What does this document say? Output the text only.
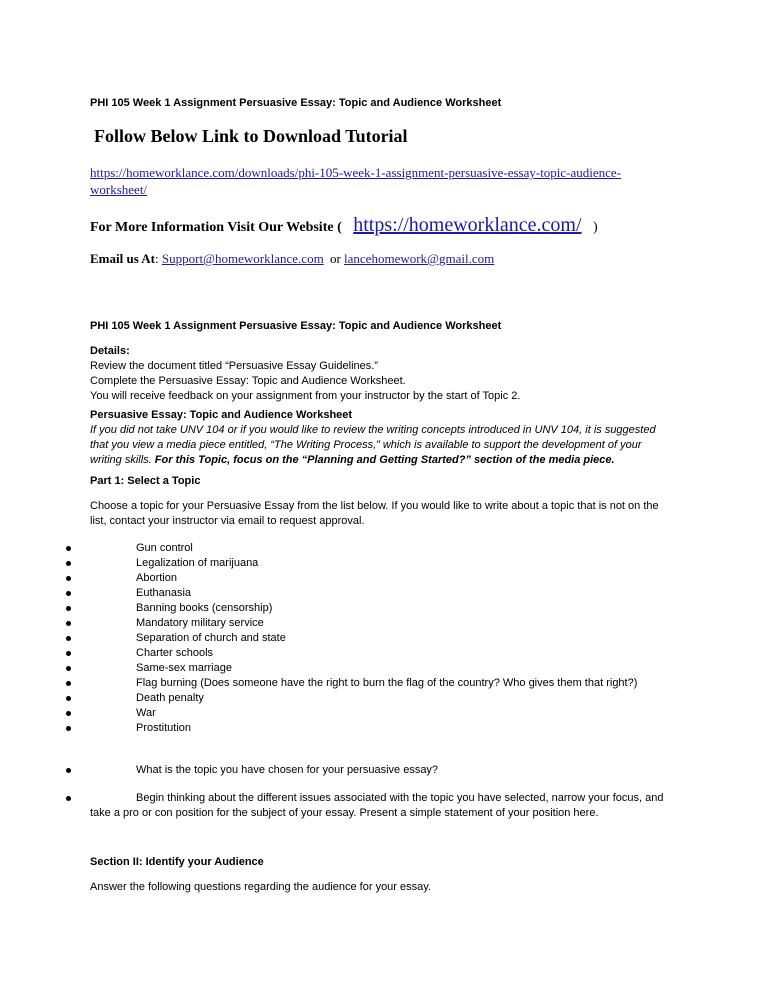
PHI 105 Week 1 Assignment Persuasive Essay: Topic and Audience Worksheet
Follow Below Link to Download Tutorial
https://homeworklance.com/downloads/phi-105-week-1-assignment-persuasive-essay-topic-audience-
worksheet/
For More Information Visit Our Website ( https://homeworklance.com/ )
Email us At: Support@homeworklance.com or lancehomework@gmail.com
PHI 105 Week 1 Assignment Persuasive Essay: Topic and Audience Worksheet
Details:
Review the document titled “Persuasive Essay Guidelines.”
Complete the Persuasive Essay: Topic and Audience Worksheet.
You will receive feedback on your assignment from your instructor by the start of Topic 2.
Persuasive Essay: Topic and Audience Worksheet
If you did not take UNV 104 or if you would like to review the writing concepts introduced in UNV 104, it is suggested
that you view a media piece entitled, “The Writing Process,” which is available to support the development of your
writing skills. For this Topic, focus on the “Planning and Getting Started?” section of the media piece.
Part 1: Select a Topic
Choose a topic for your Persuasive Essay from the list below. If you would like to write about a topic that is not on the
list, contact your instructor via email to request approval.
Gun control
Legalization of marijuana
Abortion
Euthanasia
Banning books (censorship)
Mandatory military service
Separation of church and state
Charter schools
Same-sex marriage
Flag burning (Does someone have the right to burn the flag of the country? Who gives them that right?)
Death penalty
War
Prostitution
What is the topic you have chosen for your persuasive essay?
Begin thinking about the different issues associated with the topic you have selected, narrow your focus, and
take a pro or con position for the subject of your essay. Present a simple statement of your position here.
Section II: Identify your Audience
Answer the following questions regarding the audience for your essay.
